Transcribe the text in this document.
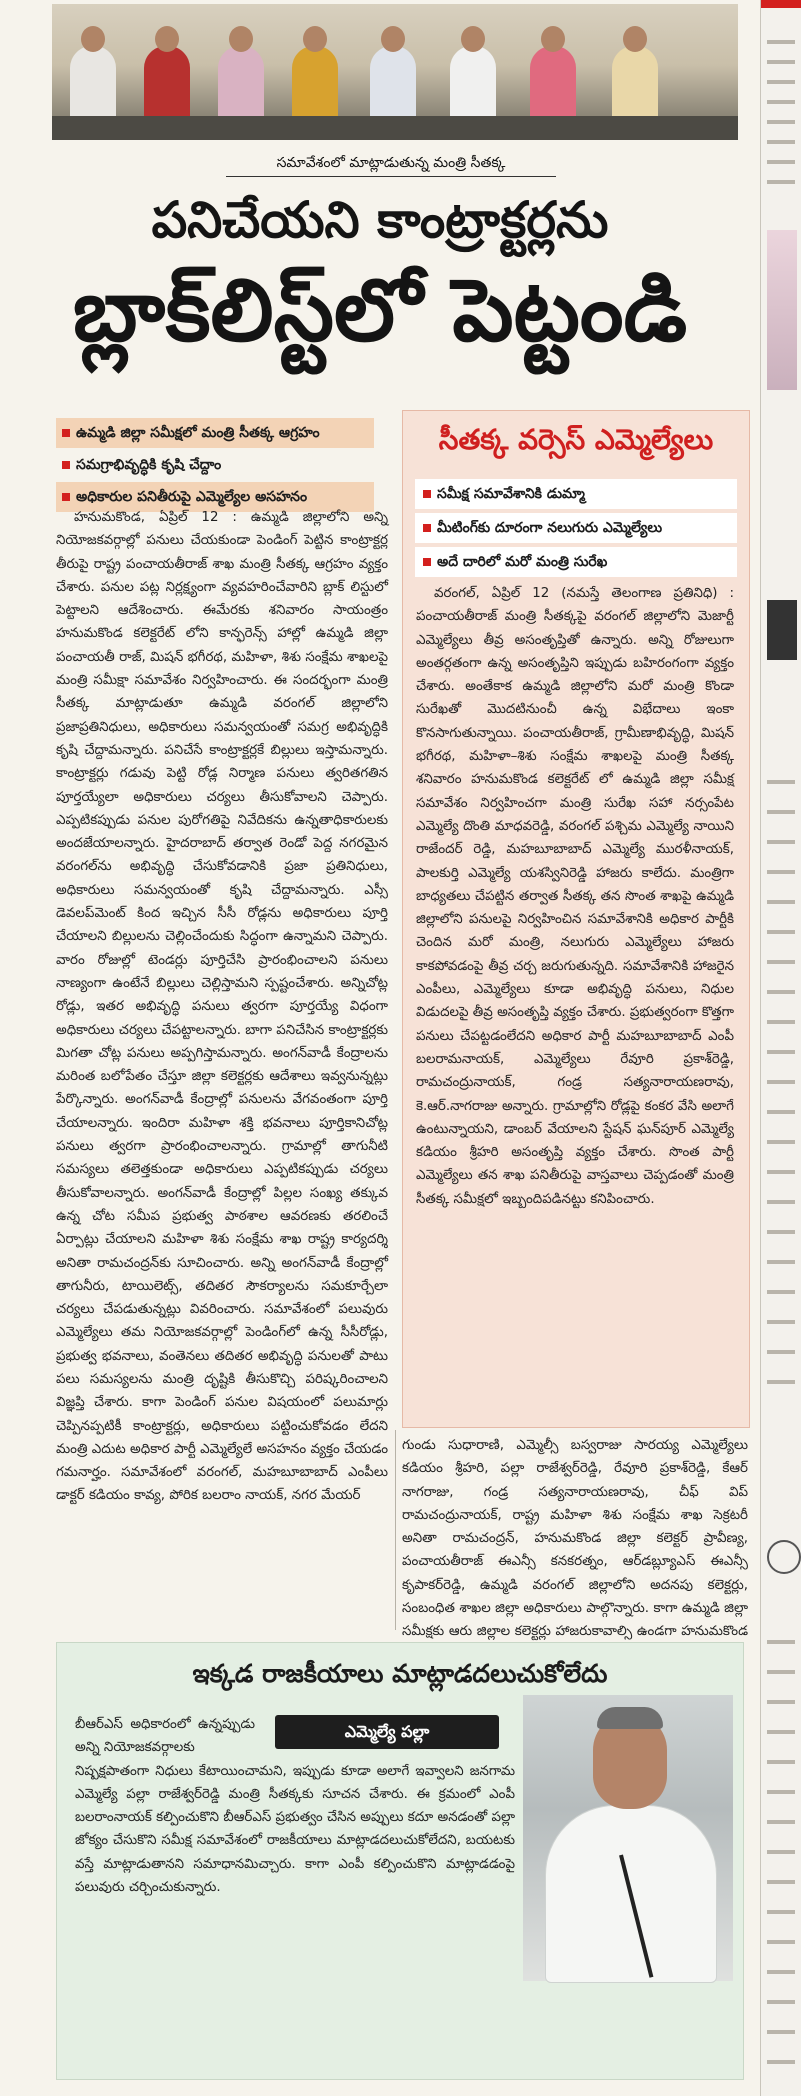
సమావేశంలో మాట్లాడుతున్న మంత్రి సీతక్క
పనిచేయని కాంట్రాక్టర్లను
బ్లాక్‌లిస్ట్‌లో పెట్టండి
ఉమ్మడి జిల్లా సమీక్షలో మంత్రి సీతక్క ఆగ్రహం
సమగ్రాభివృద్ధికి కృషి చేద్దాం
అధికారుల పనితీరుపై ఎమ్మెల్యేల అసహనం

హనుమకొండ, ఏప్రిల్ 12 : ఉమ్మడి జిల్లాలోని అన్ని నియోజకవర్గాల్లో పనులు చేయకుండా పెండింగ్ పెట్టిన కాంట్రాక్టర్ల తీరుపై రాష్ట్ర పంచాయతీరాజ్ శాఖ మంత్రి సీతక్క ఆగ్రహం వ్యక్తం చేశారు. పనుల పట్ల నిర్లక్ష్యంగా వ్యవహరించేవారిని బ్లాక్ లిస్టులో పెట్టాలని ఆదేశించారు. ఈమేరకు శనివారం సాయంత్రం హనుమకొండ కలెక్టరేట్ లోని కాన్ఫరెన్స్ హాల్లో ఉమ్మడి జిల్లా పంచాయతీ రాజ్, మిషన్ భగీరథ, మహిళా, శిశు సంక్షేమ శాఖలపై మంత్రి సమీక్షా సమావేశం నిర్వహించారు. ఈ సందర్భంగా మంత్రి సీతక్క మాట్లాడుతూ ఉమ్మడి వరంగల్ జిల్లాలోని ప్రజాప్రతినిధులు, అధికారులు సమన్వయంతో సమగ్ర అభివృద్ధికి కృషి చేద్దామన్నారు. పనిచేసే కాంట్రాక్టర్లకే బిల్లులు ఇస్తామన్నారు. కాంట్రాక్టర్లు గడువు పెట్టి రోడ్ల నిర్మాణ పనులు త్వరితగతిన పూర్తయ్యేలా అధికారులు చర్యలు తీసుకోవాలని చెప్పారు. ఎప్పటికప్పుడు పనుల పురోగతిపై నివేదికను ఉన్నతాధికారులకు అందజేయాలన్నారు. హైదరాబాద్ తర్వాత రెండో పెద్ద నగరమైన వరంగల్‌ను అభివృద్ధి చేసుకోవడానికి ప్రజా ప్రతినిధులు, అధికారులు సమన్వయంతో కృషి చేద్దామన్నారు. ఎస్సీ డెవలప్‌మెంట్ కింద ఇచ్చిన సీసీ రోడ్లను అధికారులు పూర్తి చేయాలని బిల్లులను చెల్లించేందుకు సిద్ధంగా ఉన్నామని చెప్పారు. వారం రోజుల్లో టెండర్లు పూర్తిచేసి ప్రారంభించాలని పనులు నాణ్యంగా ఉంటేనే బిల్లులు చెల్లిస్తామని స్పష్టంచేశారు. అన్నిచోట్ల రోడ్లు, ఇతర అభివృద్ధి పనులు త్వరగా పూర్తయ్యే విధంగా అధికారులు చర్యలు చేపట్టాలన్నారు. బాగా పనిచేసిన కాంట్రాక్టర్లకు మిగతా చోట్ల పనులు అప్పగిస్తామన్నారు. అంగన్‌వాడీ కేంద్రాలను మరింత బలోపేతం చేస్తూ జిల్లా కలెక్టర్లకు ఆదేశాలు ఇవ్వనున్నట్లు పేర్కొన్నారు. అంగన్‌వాడీ కేంద్రాల్లో పనులను వేగవంతంగా పూర్తి చేయాలన్నారు. ఇందిరా మహిళా శక్తి భవనాలు పూర్తికానిచోట్ల పనులు త్వరగా ప్రారంభించాలన్నారు. గ్రామాల్లో తాగునీటి సమస్యలు తలెత్తకుండా అధికారులు ఎప్పటికప్పుడు చర్యలు తీసుకోవాలన్నారు. అంగన్‌వాడీ కేంద్రాల్లో పిల్లల సంఖ్య తక్కువ ఉన్న చోట సమీప ప్రభుత్వ పాఠశాల ఆవరణకు తరలించే ఏర్పాట్లు చేయాలని మహిళా శిశు సంక్షేమ శాఖ రాష్ట్ర కార్యదర్శి అనితా రామచంద్రన్‌కు సూచించారు. అన్ని అంగన్‌వాడీ కేంద్రాల్లో తాగునీరు, టాయిలెట్స్, తదితర సౌకర్యాలను సమకూర్చేలా చర్యలు చేపడుతున్నట్లు వివరించారు. సమావేశంలో పలువురు ఎమ్మెల్యేలు తమ నియోజకవర్గాల్లో పెండింగ్‌లో ఉన్న సీసీరోడ్లు, ప్రభుత్వ భవనాలు, వంతెనలు తదితర అభివృద్ధి పనులతో పాటు పలు సమస్యలను మంత్రి దృష్టికి తీసుకొచ్చి పరిష్కరించాలని విజ్ఞప్తి చేశారు. కాగా పెండింగ్ పనుల విషయంలో పలుమార్లు చెప్పినప్పటికీ కాంట్రాక్టర్లు, అధికారులు పట్టించుకోవడం లేదని మంత్రి ఎదుట అధికార పార్టీ ఎమ్మెల్యేలే అసహనం వ్యక్తం చేయడం గమనార్హం. సమావేశంలో వరంగల్, మహబూబాబాద్ ఎంపీలు డాక్టర్ కడియం కావ్య, పోరిక బలరాం నాయక్, నగర మేయర్

సీతక్క వర్సెస్ ఎమ్మెల్యేలు
సమీక్ష సమావేశానికి డుమ్మా
మీటింగ్‌కు దూరంగా నలుగురు ఎమ్మెల్యేలు
అదే దారిలో మరో మంత్రి సురేఖ

వరంగల్, ఏప్రిల్ 12 (నమస్తే తెలంగాణ ప్రతినిధి) : పంచాయతీరాజ్ మంత్రి సీతక్కపై వరంగల్ జిల్లాలోని మెజార్టీ ఎమ్మెల్యేలు తీవ్ర అసంతృప్తితో ఉన్నారు. అన్ని రోజులుగా అంతర్గతంగా ఉన్న అసంతృప్తిని ఇప్పుడు బహిరంగంగా వ్యక్తం చేశారు. అంతేకాక ఉమ్మడి జిల్లాలోని మరో మంత్రి కొండా సురేఖతో మొదటినుంచీ ఉన్న విభేదాలు ఇంకా కొనసాగుతున్నాయి. పంచాయతీరాజ్, గ్రామీణాభివృద్ధి, మిషన్ భగీరథ, మహిళా–శిశు సంక్షేమ శాఖలపై మంత్రి సీతక్క శనివారం హనుమకొండ కలెక్టరేట్ లో ఉమ్మడి జిల్లా సమీక్ష సమావేశం నిర్వహించగా మంత్రి సురేఖ సహా నర్సంపేట ఎమ్మెల్యే దొంతి మాధవరెడ్డి, వరంగల్ పశ్చిమ ఎమ్మెల్యే నాయిని రాజేందర్ రెడ్డి, మహబూబాబాద్ ఎమ్మెల్యే మురళీనాయక్, పాలకుర్తి ఎమ్మెల్యే యశస్వినిరెడ్డి హాజరు కాలేదు. మంత్రిగా బాధ్యతలు చేపట్టిన తర్వాత సీతక్క తన సొంత శాఖపై ఉమ్మడి జిల్లాలోని పనులపై నిర్వహించిన సమావేశానికి అధికార పార్టీకి చెందిన మరో మంత్రి, నలుగురు ఎమ్మెల్యేలు హాజరు కాకపోవడంపై తీవ్ర చర్చ జరుగుతున్నది. సమావేశానికి హాజరైన ఎంపీలు, ఎమ్మెల్యేలు కూడా అభివృద్ధి పనులు, నిధుల విడుదలపై తీవ్ర అసంతృప్తి వ్యక్తం చేశారు. ప్రభుత్వరంగా కొత్తగా పనులు చేపట్టడంలేదని అధికార పార్టీ మహబూబాబాద్ ఎంపీ బలరామనాయక్, ఎమ్మెల్యేలు రేవూరి ప్రకాశ్‌రెడ్డి, రామచంద్రునాయక్, గండ్ర సత్యనారాయణరావు, కె.ఆర్.నాగరాజు అన్నారు. గ్రామాల్లోని రోడ్లపై కంకర వేసి అలాగే ఉంటున్నాయని, డాంబర్ వేయాలని స్టేషన్ ఘన్‌పూర్ ఎమ్మెల్యే కడియం శ్రీహరి అసంతృప్తి వ్యక్తం చేశారు. సొంత పార్టీ ఎమ్మెల్యేలు తన శాఖ పనితీరుపై వాస్తవాలు చెప్పడంతో మంత్రి సీతక్క సమీక్షలో ఇబ్బందిపడినట్టు కనిపించారు.

గుండు సుధారాణి, ఎమ్మెల్సీ బస్వరాజు సారయ్య ఎమ్మెల్యేలు కడియం శ్రీహరి, పల్లా రాజేశ్వర్‌రెడ్డి, రేవూరి ప్రకాశ్‌రెడ్డి, కేఆర్ నాగరాజు, గండ్ర సత్యనారాయణరావు, చీఫ్ విప్ రామచంద్రునాయక్, రాష్ట్ర మహిళా శిశు సంక్షేమ శాఖ సెక్రటరీ అనితా రామచంద్రన్, హనుమకొండ జిల్లా కలెక్టర్ ప్రావీణ్య, పంచాయతీరాజ్ ఈఎన్సీ కనకరత్నం, ఆర్‌డబ్ల్యూఎస్ ఈఎన్సీ కృపాకర్‌రెడ్డి, ఉమ్మడి వరంగల్ జిల్లాలోని అదనపు కలెక్టర్లు, సంబంధిత శాఖల జిల్లా అధికారులు పాల్గొన్నారు. కాగా ఉమ్మడి జిల్లా సమీక్షకు ఆరు జిల్లాల కలెక్టర్లు హాజరుకావాల్సి ఉండగా హనుమకొండ

ఇక్కడ రాజకీయాలు మాట్లాడదలుచుకోలేదు

బీఆర్ఎస్ అధికారంలో ఉన్నప్పుడు అన్ని నియోజకవర్గాలకు

నిష్పక్షపాతంగా నిధులు కేటాయించామని, ఇప్పుడు కూడా అలాగే ఇవ్వాలని జనగామ ఎమ్మెల్యే పల్లా రాజేశ్వర్‌రెడ్డి మంత్రి సీతక్కకు సూచన చేశారు. ఈ క్రమంలో ఎంపీ బలరాంనాయక్ కల్పించుకొని బీఆర్ఎస్ ప్రభుత్వం చేసిన అప్పులు కదూ అనడంతో పల్లా జోక్యం చేసుకొని సమీక్ష సమావేశంలో రాజకీయాలు మాట్లాడదలుచుకోలేదని, బయటకు వస్తే మాట్లాడుతానని సమాధానమిచ్చారు. కాగా ఎంపీ కల్పించుకొని మాట్లాడడంపై పలువురు చర్చించుకున్నారు.

ఎమ్మెల్యే పల్లా
